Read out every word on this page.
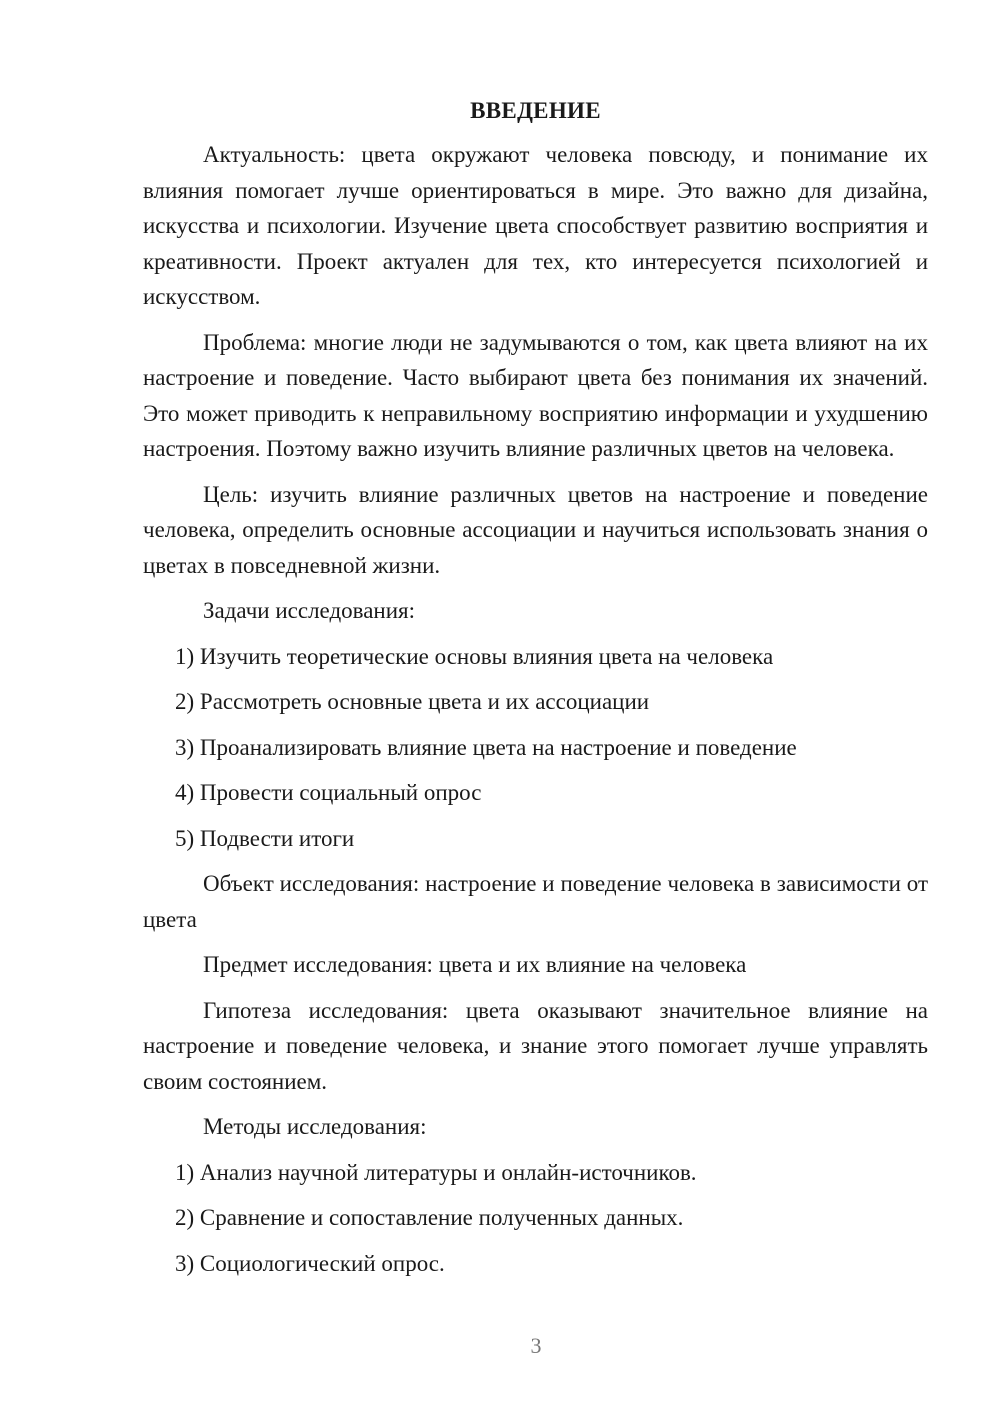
ВВЕДЕНИЕ

Актуальность: цвета окружают человека повсюду, и понимание их влияния помогает лучше ориентироваться в мире. Это важно для дизайна, искусства и психологии. Изучение цвета способствует развитию восприятия и креативности. Проект актуален для тех, кто интересуется психологией и искусством.

Проблема: многие люди не задумываются о том, как цвета влияют на их настроение и поведение. Часто выбирают цвета без понимания их значений. Это может приводить к неправильному восприятию информации и ухудшению настроения. Поэтому важно изучить влияние различных цветов на человека.

Цель: изучить влияние различных цветов на настроение и поведение человека, определить основные ассоциации и научиться использовать знания о цветах в повседневной жизни.

Задачи исследования:

1) Изучить теоретические основы влияния цвета на человека

2) Рассмотреть основные цвета и их ассоциации

3) Проанализировать влияние цвета на настроение и поведение

4) Провести социальный опрос

5) Подвести итоги

Объект исследования: настроение и поведение человека в зависимости от цвета

Предмет исследования: цвета и их влияние на человека

Гипотеза исследования: цвета оказывают значительное влияние на настроение и поведение человека, и знание этого помогает лучше управлять своим состоянием.

Методы исследования:

1) Анализ научной литературы и онлайн-источников.

2) Сравнение и сопоставление полученных данных.

3) Социологический опрос.

3
